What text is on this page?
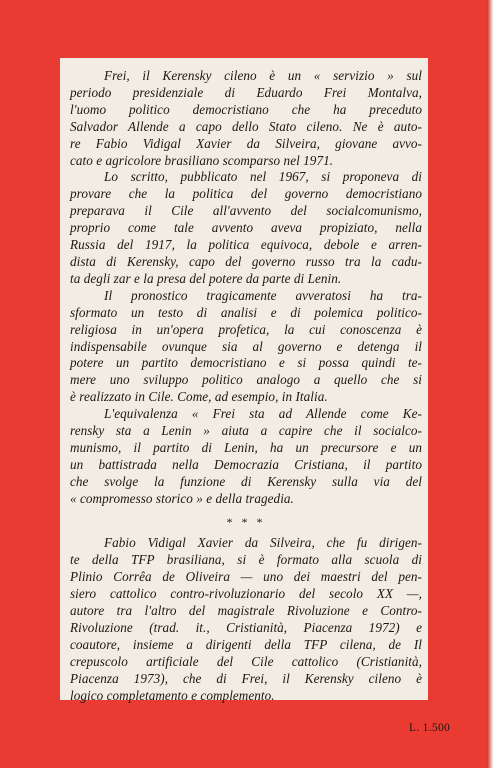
Frei, il Kerensky cileno è un « servizio » sul
periodo presidenziale di Eduardo Frei Montalva,
l'uomo politico democristiano che ha preceduto
Salvador Allende a capo dello Stato cileno. Ne è auto-
re Fabio Vidigal Xavier da Silveira, giovane avvo-
cato e agricolore brasiliano scomparso nel 1971.

Lo scritto, pubblicato nel 1967, si proponeva di
provare che la politica del governo democristiano
preparava il Cile all'avvento del socialcomunismo,
proprio come tale avvento aveva propiziato, nella
Russia del 1917, la politica equivoca, debole e arren-
dista di Kerensky, capo del governo russo tra la cadu-
ta degli zar e la presa del potere da parte di Lenin.

Il pronostico tragicamente avveratosi ha tra-
sformato un testo di analisi e di polemica politico-
religiosa in un'opera profetica, la cui conoscenza è
indispensabile ovunque sia al governo e detenga il
potere un partito democristiano e si possa quindi te-
mere uno sviluppo politico analogo a quello che si
è realizzato in Cile. Come, ad esempio, in Italia.

L'equivalenza « Frei sta ad Allende come Ke-
rensky sta a Lenin » aiuta a capire che il socialco-
munismo, il partito di Lenin, ha un precursore e un
un battistrada nella Democrazia Cristiana, il partito
che svolge la funzione di Kerensky sulla via del
« compromesso storico » e della tragedia.

* * *

Fabio Vidigal Xavier da Silveira, che fu dirigen-
te della TFP brasiliana, si è formato alla scuola di
Plinio Corrêa de Oliveira — uno dei maestri del pen-
siero cattolico contro-rivoluzionario del secolo XX —,
autore tra l'altro del magistrale Rivoluzione e Contro-
Rivoluzione (trad. it., Cristianità, Piacenza 1972) e
coautore, insieme a dirigenti della TFP cilena, de Il
crepuscolo artificiale del Cile cattolico (Cristianità,
Piacenza 1973), che di Frei, il Kerensky cileno è
logico completamento e complemento.

L. 1.500
